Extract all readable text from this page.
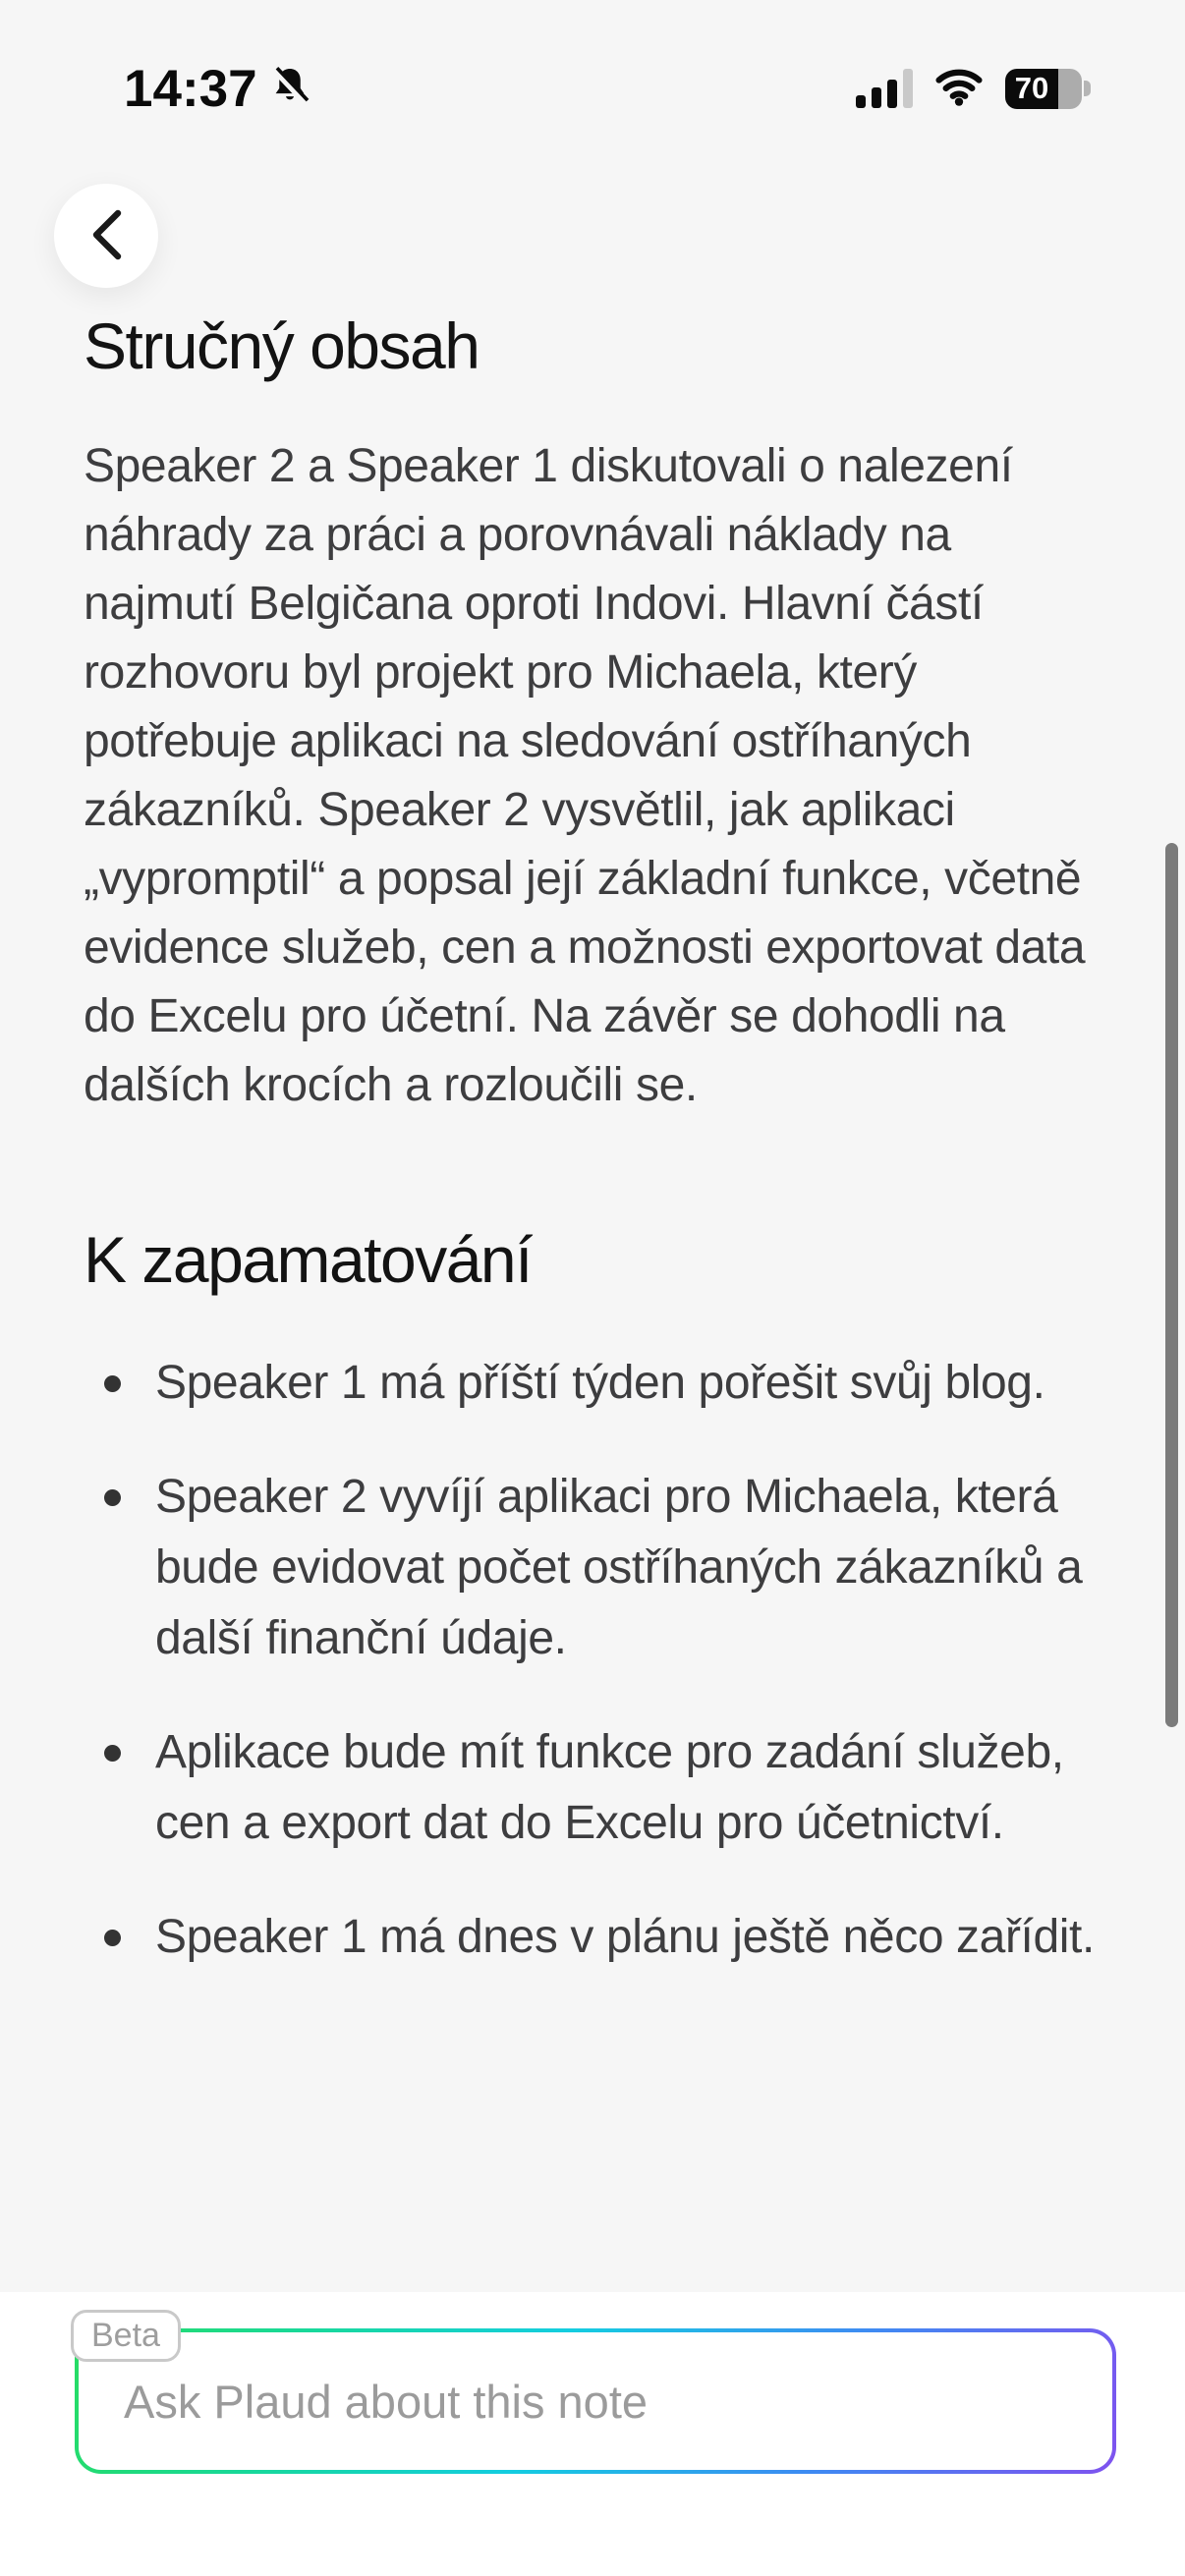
14:37	70
Stručný obsah

Speaker 2 a Speaker 1 diskutovali o nalezení náhrady za práci a porovnávali náklady na najmutí Belgičana oproti Indovi. Hlavní částí rozhovoru byl projekt pro Michaela, který potřebuje aplikaci na sledování ostříhaných zákazníků. Speaker 2 vysvětlil, jak aplikaci „vypromptil“ a popsal její základní funkce, včetně evidence služeb, cen a možnosti exportovat data do Excelu pro účetní. Na závěr se dohodli na dalších krocích a rozloučili se.

K zapamatování
Speaker 1 má příští týden pořešit svůj blog.
Speaker 2 vyvíjí aplikaci pro Michaela, která bude evidovat počet ostříhaných zákazníků a další finanční údaje.
Aplikace bude mít funkce pro zadání služeb, cen a export dat do Excelu pro účetnictví.
Speaker 1 má dnes v plánu ještě něco zařídit.
Beta
Ask Plaud about this note
